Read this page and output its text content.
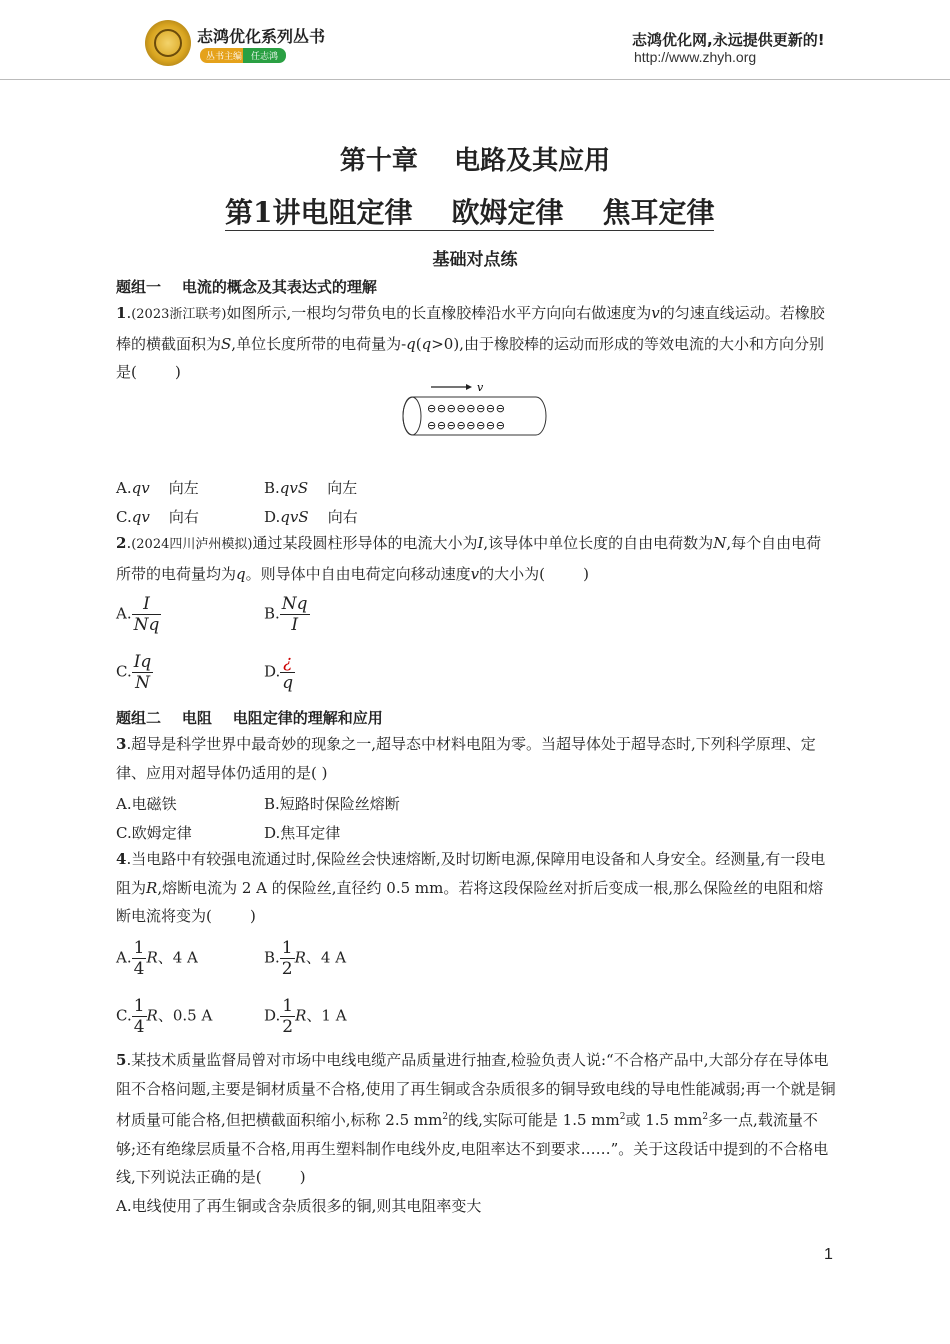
志鸿优化系列丛书
丛书主编 任志鸿
志鸿优化网,永远提供更新的!
http://www.zhyh.org
第十章    电路及其应用
第1讲电阻定律    欧姆定律    焦耳定律
基础对点练
题组一    电流的概念及其表达式的理解
1.(2023浙江联考)如图所示,一根均匀带负电的长直橡胶棒沿水平方向向右做速度为v的匀速直线运动。若橡胶棒的横截面积为S,单位长度所带的电荷量为-q(q>0),由于橡胶棒的运动而形成的等效电流的大小和方向分别是(        )
v
⊖⊖⊖⊖⊖⊖⊖⊖
⊖⊖⊖⊖⊖⊖⊖⊖
A.qv 向左	B.qvS 向左
C.qv 向右	D.qvS 向右
2.(2024四川泸州模拟)通过某段圆柱形导体的电流大小为I,该导体中单位长度的自由电荷数为N,每个自由电荷所带的电荷量均为q。则导体中自由电荷定向移动速度v的大小为(        )
A. $\frac{I}{Nq}$	B. $\frac{Nq}{I}$
C. $\frac{Iq}{N}$	D. $\frac{¿}{q}$
题组二    电阻    电阻定律的理解和应用
3.超导是科学世界中最奇妙的现象之一,超导态中材料电阻为零。当超导体处于超导态时,下列科学原理、定律、应用对超导体仍适用的是( )
A.电磁铁	B.短路时保险丝熔断
C.欧姆定律	D.焦耳定律
4.当电路中有较强电流通过时,保险丝会快速熔断,及时切断电源,保障用电设备和人身安全。经测量,有一段电阻为R,熔断电流为 2 A 的保险丝,直径约 0.5 mm。若将这段保险丝对折后变成一根,那么保险丝的电阻和熔断电流将变为(        )
A. $\frac{1}{4}$ R、4 A	B. $\frac{1}{2}$ R、4 A
C. $\frac{1}{4}$ R、0.5 A	D. $\frac{1}{2}$ R、1 A
5.某技术质量监督局曾对市场中电线电缆产品质量进行抽查,检验负责人说:“不合格产品中,大部分存在导体电阻不合格问题,主要是铜材质量不合格,使用了再生铜或含杂质很多的铜导致电线的导电性能减弱;再一个就是铜材质量可能合格,但把横截面积缩小,标称 2.5 $mm^2$的线,实际可能是 1.5 $mm^2$或 1.5 $mm^2$多一点,载流量不够;还有绝缘层质量不合格,用再生塑料制作电线外皮,电阻率达不到要求……”。关于这段话中提到的不合格电线,下列说法正确的是(        )
A.电线使用了再生铜或含杂质很多的铜,则其电阻率变大
1
